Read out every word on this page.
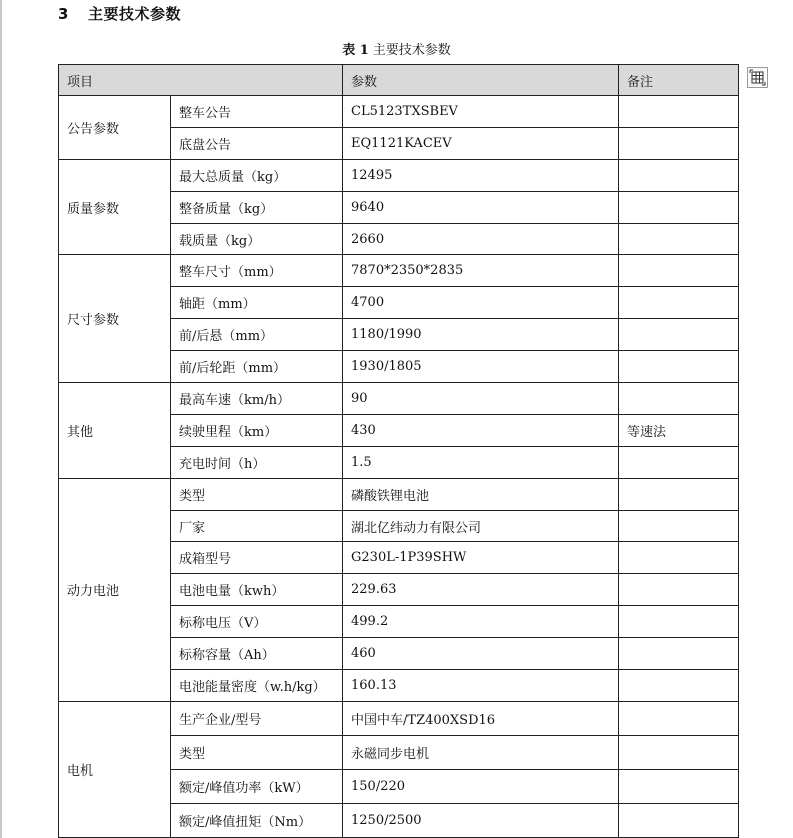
3 主要技术参数
表 1 主要技术参数
项目		参数	备注
公告参数	整车公告	CL5123TXSBEV	
	底盘公告	EQ1121KACEV	
质量参数	最大总质量（kg）	12495	
	整备质量（kg）	9640	
	载质量（kg）	2660	
尺寸参数	整车尺寸（mm）	7870*2350*2835	
	轴距（mm）	4700	
	前/后悬（mm）	1180/1990	
	前/后轮距（mm）	1930/1805	
其他	最高车速（km/h）	90	
	续驶里程（km）	430	等速法
	充电时间（h）	1.5	
动力电池	类型	磷酸铁锂电池	
	厂家	湖北亿纬动力有限公司	
	成箱型号	G230L-1P39SHW	
	电池电量（kwh）	229.63	
	标称电压（V）	499.2	
	标称容量（Ah）	460	
	电池能量密度（w.h/kg）	160.13	
电机	生产企业/型号	中国中车/TZ400XSD16	
	类型	永磁同步电机	
	额定/峰值功率（kW）	150/220	
	额定/峰值扭矩（Nm）	1250/2500	
